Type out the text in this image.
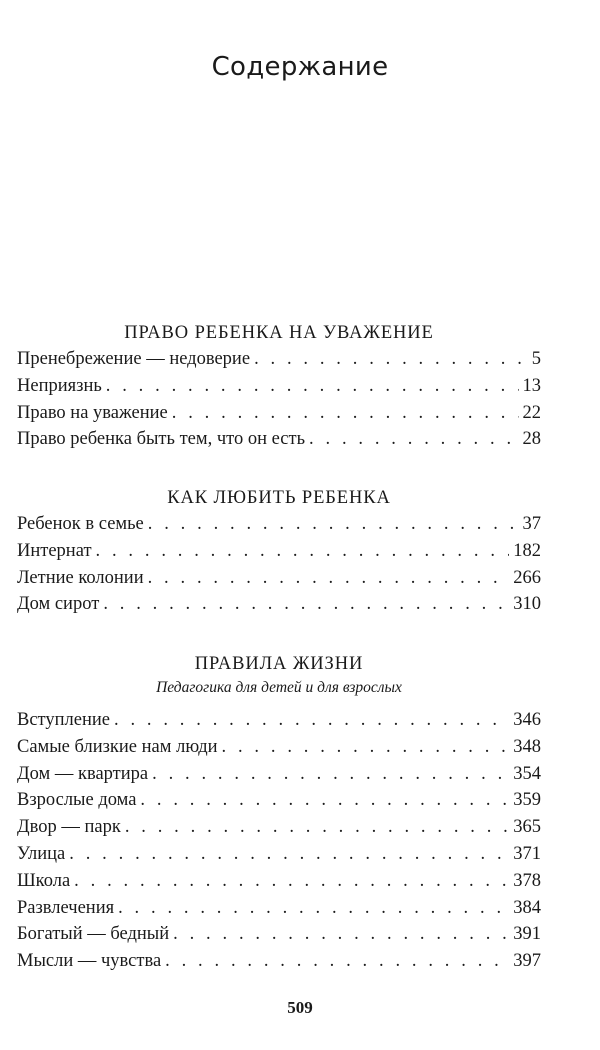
Содержание
ПРАВО РЕБЕНКА НА УВАЖЕНИЕ
Пренебрежение — недоверие . . .	5
Неприязнь . . .	13
Право на уважение . . .	22
Право ребенка быть тем, что он есть . . .	28
КАК ЛЮБИТЬ РЕБЕНКА
Ребенок в семье . . .	37
Интернат . . .	182
Летние колонии . . .	266
Дом сирот . . .	310
ПРАВИЛА ЖИЗНИ
Педагогика для детей и для взрослых
Вступление . . .	346
Самые близкие нам люди . . .	348
Дом — квартира . . .	354
Взрослые дома . . .	359
Двор — парк . . .	365
Улица . . .	371
Школа . . .	378
Развлечения . . .	384
Богатый — бедный . . .	391
Мысли — чувства . . .	397
509
